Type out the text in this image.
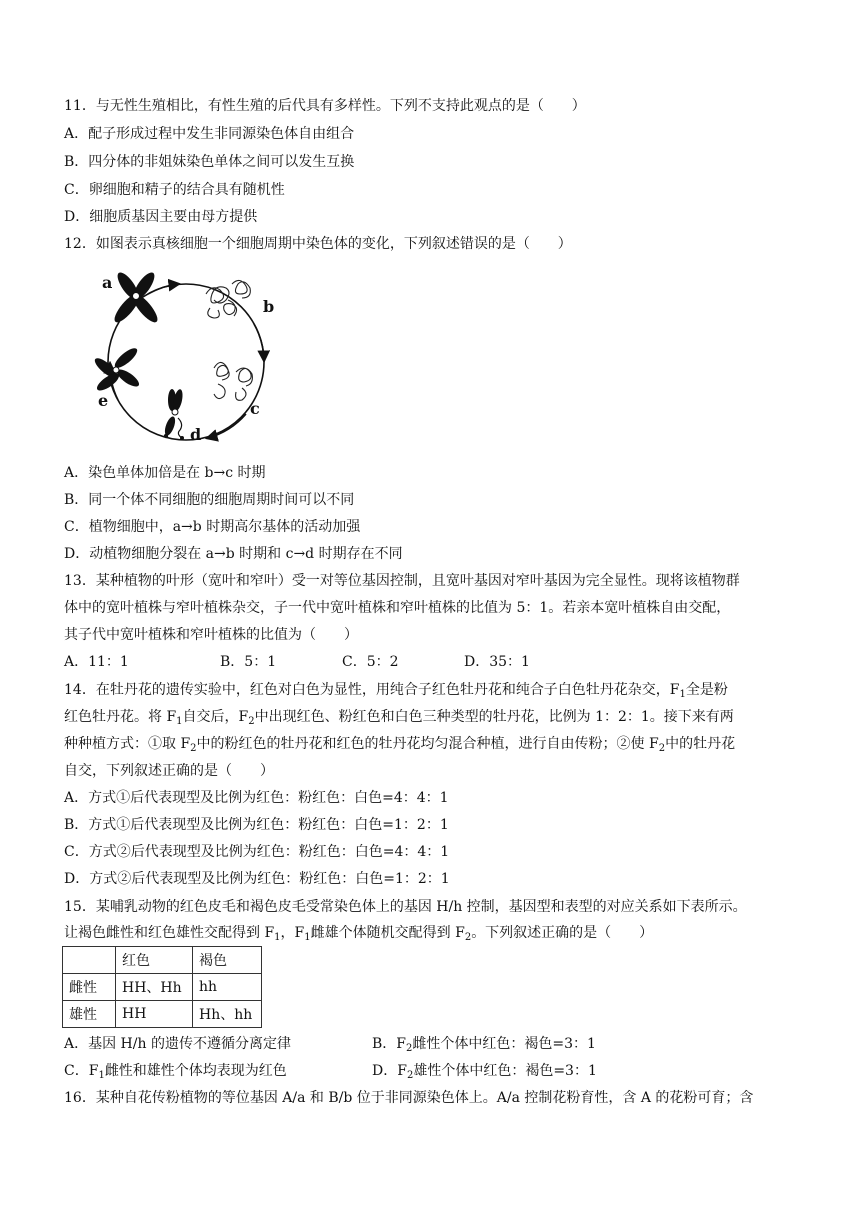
11．与无性生殖相比，有性生殖的后代具有多样性。下列不支持此观点的是（　　）
A．配子形成过程中发生非同源染色体自由组合
B．四分体的非姐妹染色单体之间可以发生互换
C．卵细胞和精子的结合具有随机性
D．细胞质基因主要由母方提供
12．如图表示真核细胞一个细胞周期中染色体的变化，下列叙述错误的是（　　）
a
b
c
d
e
A．染色单体加倍是在 b→c 时期
B．同一个体不同细胞的细胞周期时间可以不同
C．植物细胞中，a→b 时期高尔基体的活动加强
D．动植物细胞分裂在 a→b 时期和 c→d 时期存在不同
13．某种植物的叶形（宽叶和窄叶）受一对等位基因控制，且宽叶基因对窄叶基因为完全显性。现将该植物群
体中的宽叶植株与窄叶植株杂交，子一代中宽叶植株和窄叶植株的比值为 5：1。若亲本宽叶植株自由交配，
其子代中宽叶植株和窄叶植株的比值为（　　）
A．11：1	B．5：1	C．5：2	D．35：1
14．在牡丹花的遗传实验中，红色对白色为显性，用纯合子红色牡丹花和纯合子白色牡丹花杂交，$F_1$全是粉
红色牡丹花。将 $F_1$自交后，$F_2$中出现红色、粉红色和白色三种类型的牡丹花，比例为 1：2：1。接下来有两
种种植方式：①取 $F_2$中的粉红色的牡丹花和红色的牡丹花均匀混合种植，进行自由传粉；②使 $F_2$中的牡丹花
自交，下列叙述正确的是（　　）
A．方式①后代表现型及比例为红色：粉红色：白色=4：4：1
B．方式①后代表现型及比例为红色：粉红色：白色=1：2：1
C．方式②后代表现型及比例为红色：粉红色：白色=4：4：1
D．方式②后代表现型及比例为红色：粉红色：白色=1：2：1
15．某哺乳动物的红色皮毛和褐色皮毛受常染色体上的基因 H/h 控制，基因型和表型的对应关系如下表所示。
让褐色雌性和红色雄性交配得到 $F_1$，$F_1$雌雄个体随机交配得到 $F_2$。下列叙述正确的是（　　）
	红色	褐色
雌性	HH、Hh	hh
雄性	HH	Hh、hh
A．基因 H/h 的遗传不遵循分离定律	B．$F_2$雌性个体中红色：褐色=3：1
C．$F_1$雌性和雄性个体均表现为红色	D．$F_2$雄性个体中红色：褐色=3：1
16．某种自花传粉植物的等位基因 A/a 和 B/b 位于非同源染色体上。A/a 控制花粉育性，含 A 的花粉可育；含
